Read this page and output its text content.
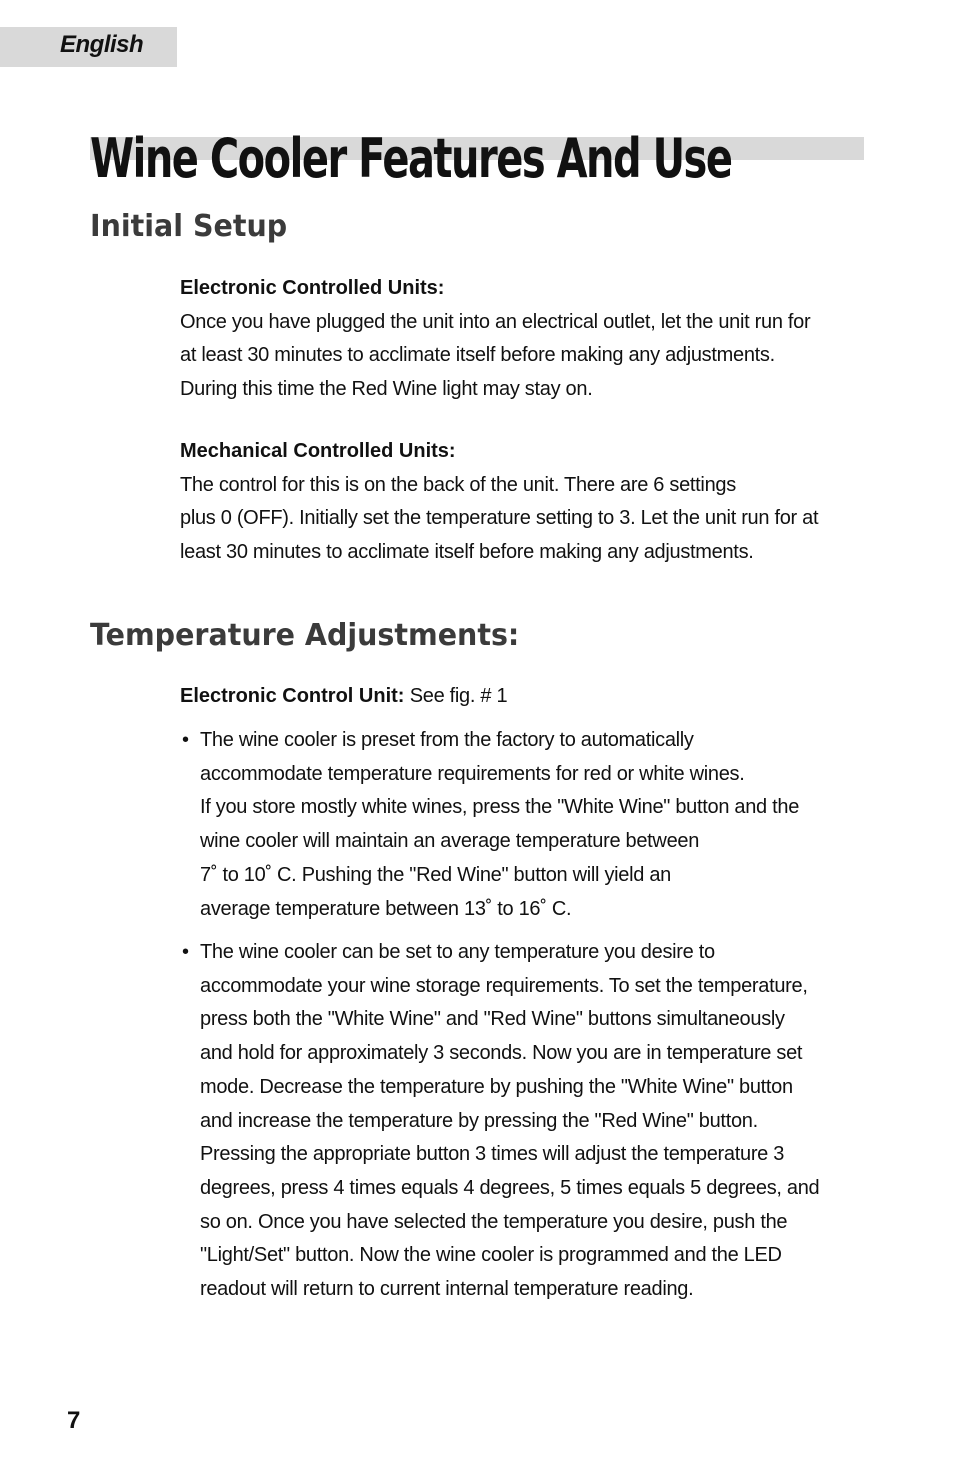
English
Wine Cooler Features And Use
Initial Setup
Electronic Controlled Units:
Once you have plugged the unit into an electrical outlet, let the unit run for
at least 30 minutes to acclimate itself before making any adjustments.
During this time the Red Wine light may stay on.
Mechanical Controlled Units:
The control for this is on the back of the unit. There are 6 settings
plus 0 (OFF). Initially set the temperature setting to 3. Let the unit run for at
least 30 minutes to acclimate itself before making any adjustments.
Temperature Adjustments:
Electronic Control Unit: See fig. # 1
• The wine cooler is preset from the factory to automatically
accommodate temperature requirements for red or white wines.
If you store mostly white wines, press the "White Wine" button and the
wine cooler will maintain an average temperature between
7˚ to 10˚ C. Pushing the "Red Wine" button will yield an
average temperature between 13˚ to 16˚ C.
• The wine cooler can be set to any temperature you desire to
accommodate your wine storage requirements. To set the temperature,
press both the "White Wine" and "Red Wine" buttons simultaneously
and hold for approximately 3 seconds. Now you are in temperature set
mode. Decrease the temperature by pushing the "White Wine" button
and increase the temperature by pressing the "Red Wine" button.
Pressing the appropriate button 3 times will adjust the temperature 3
degrees, press 4 times equals 4 degrees, 5 times equals 5 degrees, and
so on. Once you have selected the temperature you desire, push the
"Light/Set" button. Now the wine cooler is programmed and the LED
readout will return to current internal temperature reading.
7
